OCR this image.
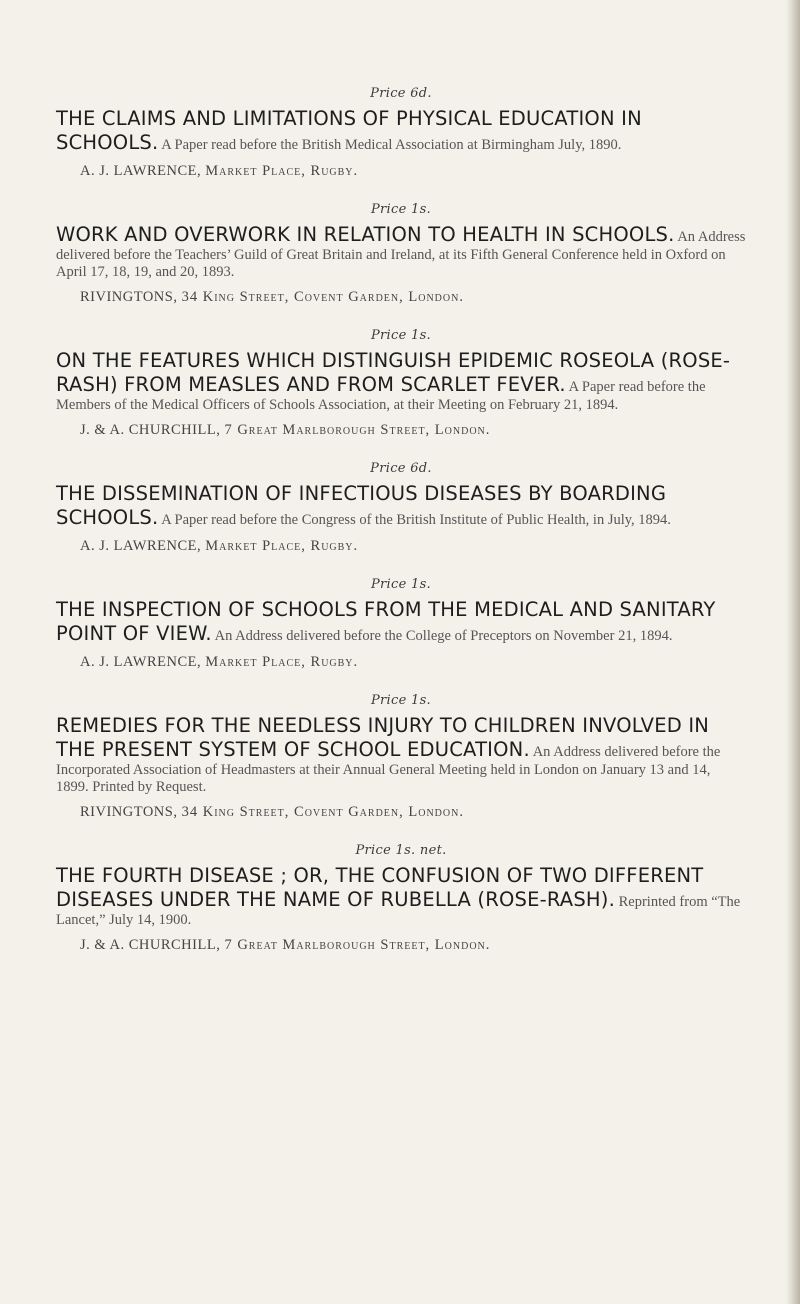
Price 6d.

THE CLAIMS AND LIMITATIONS OF PHYSICAL EDUCATION IN SCHOOLS. A Paper read before the British Medical Association at Birmingham July, 1890.

A. J. LAWRENCE, Market Place, Rugby.
Price 1s.

WORK AND OVERWORK IN RELATION TO HEALTH IN SCHOOLS. An Address delivered before the Teachers’ Guild of Great Britain and Ireland, at its Fifth General Conference held in Oxford on April 17, 18, 19, and 20, 1893.

RIVINGTONS, 34 King Street, Covent Garden, London.
Price 1s.

ON THE FEATURES WHICH DISTINGUISH EPIDEMIC ROSEOLA (ROSE-RASH) FROM MEASLES AND FROM SCARLET FEVER. A Paper read before the Members of the Medical Officers of Schools Association, at their Meeting on February 21, 1894.

J. & A. CHURCHILL, 7 Great Marlborough Street, London.
Price 6d.

THE DISSEMINATION OF INFECTIOUS DISEASES BY BOARDING SCHOOLS. A Paper read before the Congress of the British Institute of Public Health, in July, 1894.

A. J. LAWRENCE, Market Place, Rugby.
Price 1s.

THE INSPECTION OF SCHOOLS FROM THE MEDICAL AND SANITARY POINT OF VIEW. An Address delivered before the College of Preceptors on November 21, 1894.

A. J. LAWRENCE, Market Place, Rugby.
Price 1s.

REMEDIES FOR THE NEEDLESS INJURY TO CHILDREN INVOLVED IN THE PRESENT SYSTEM OF SCHOOL EDUCATION. An Address delivered before the Incorporated Association of Headmasters at their Annual General Meeting held in London on January 13 and 14, 1899. Printed by Request.

RIVINGTONS, 34 King Street, Covent Garden, London.
Price 1s. net.

THE FOURTH DISEASE ; OR, THE CONFUSION OF TWO DIFFERENT DISEASES UNDER THE NAME OF RUBELLA (ROSE-RASH). Reprinted from “The Lancet,” July 14, 1900.

J. & A. CHURCHILL, 7 Great Marlborough Street, London.
